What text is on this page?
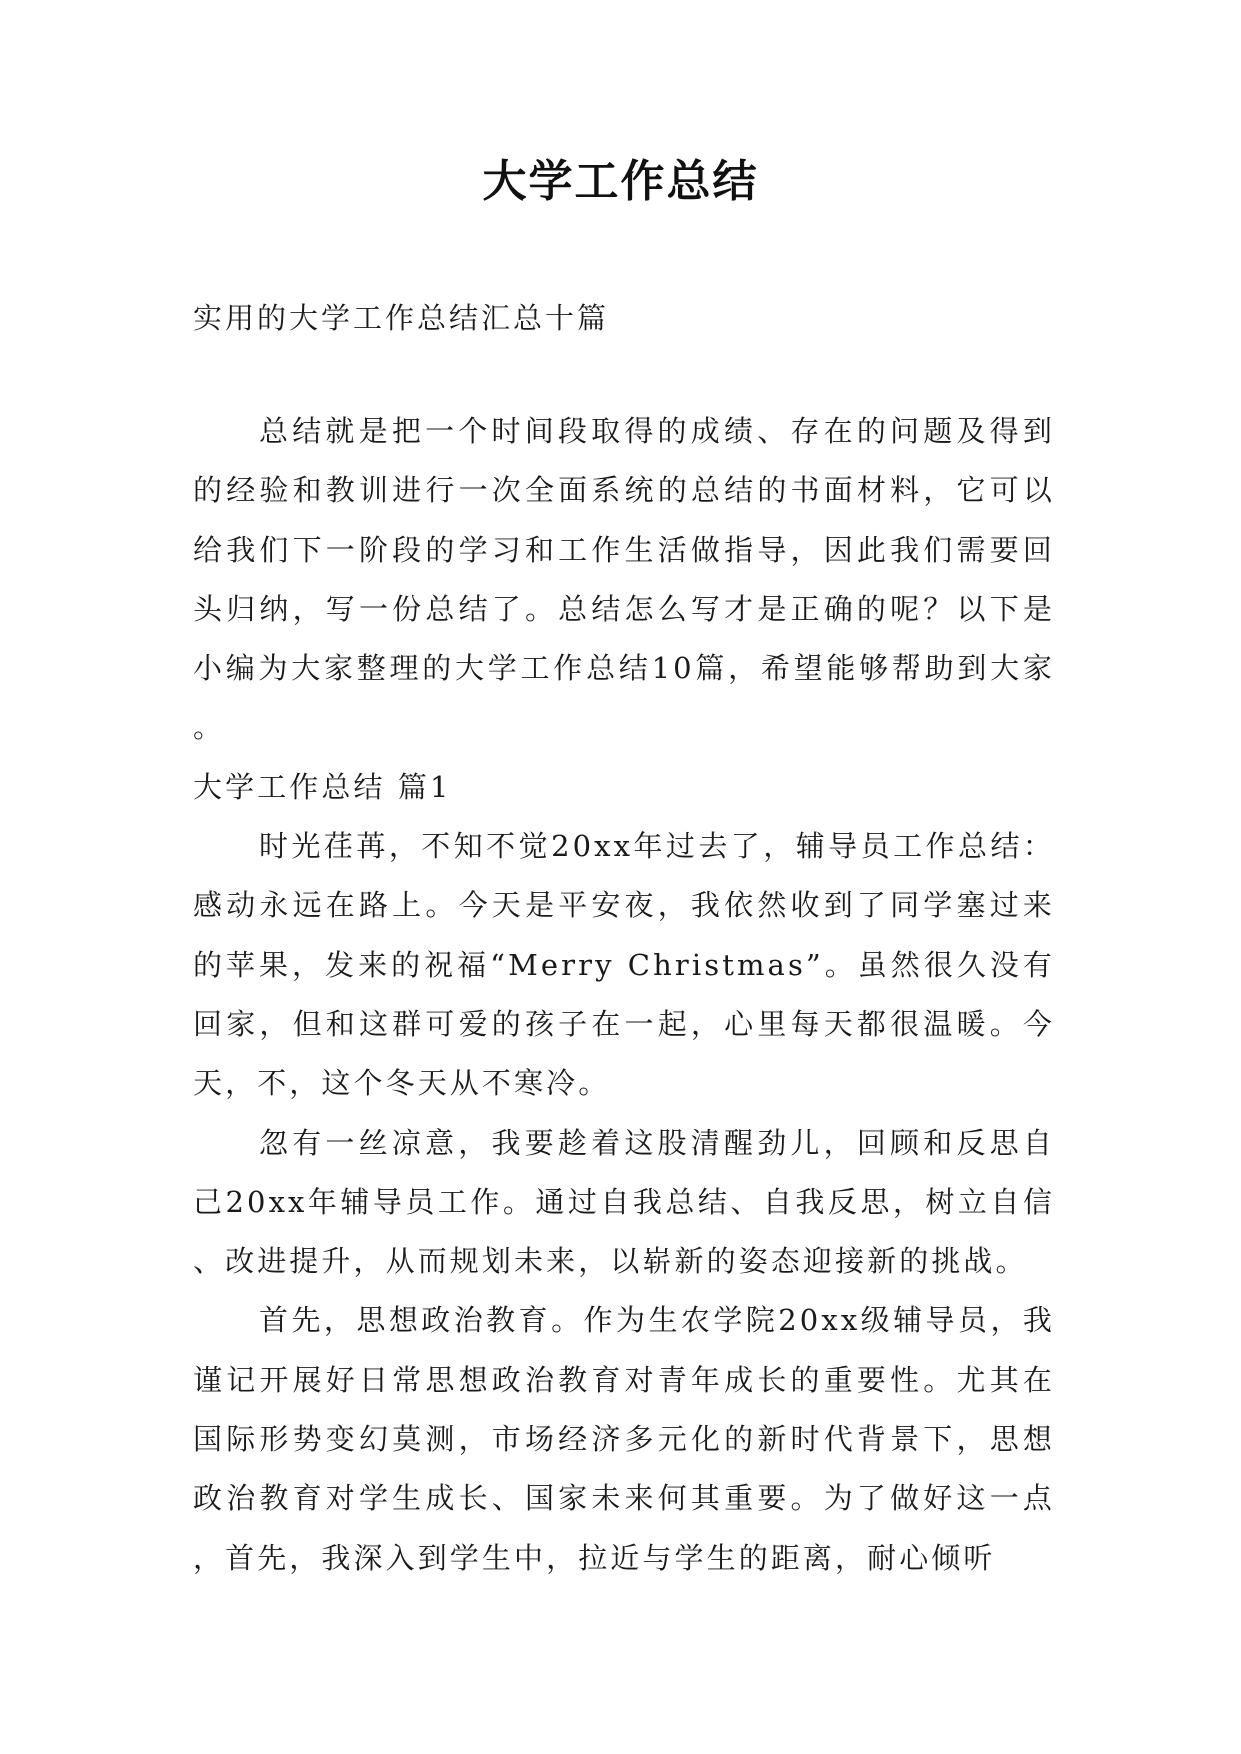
大学工作总结

实用的大学工作总结汇总十篇

总结就是把一个时间段取得的成绩、存在的问题及得到的经验和教训进行一次全面系统的总结的书面材料，它可以给我们下一阶段的学习和工作生活做指导，因此我们需要回头归纳，写一份总结了。总结怎么写才是正确的呢？以下是小编为大家整理的大学工作总结10篇，希望能够帮助到大家。

大学工作总结 篇1

时光荏苒，不知不觉20xx年过去了，辅导员工作总结：感动永远在路上。今天是平安夜，我依然收到了同学塞过来的苹果，发来的祝福“Merry Christmas”。虽然很久没有回家，但和这群可爱的孩子在一起，心里每天都很温暖。今天，不，这个冬天从不寒冷。

忽有一丝凉意，我要趁着这股清醒劲儿，回顾和反思自己20xx年辅导员工作。通过自我总结、自我反思，树立自信、改进提升，从而规划未来，以崭新的姿态迎接新的挑战。

首先，思想政治教育。作为生农学院20xx级辅导员，我谨记开展好日常思想政治教育对青年成长的重要性。尤其在国际形势变幻莫测，市场经济多元化的新时代背景下，思想政治教育对学生成长、国家未来何其重要。为了做好这一点，首先，我深入到学生中，拉近与学生的距离，耐心倾听
